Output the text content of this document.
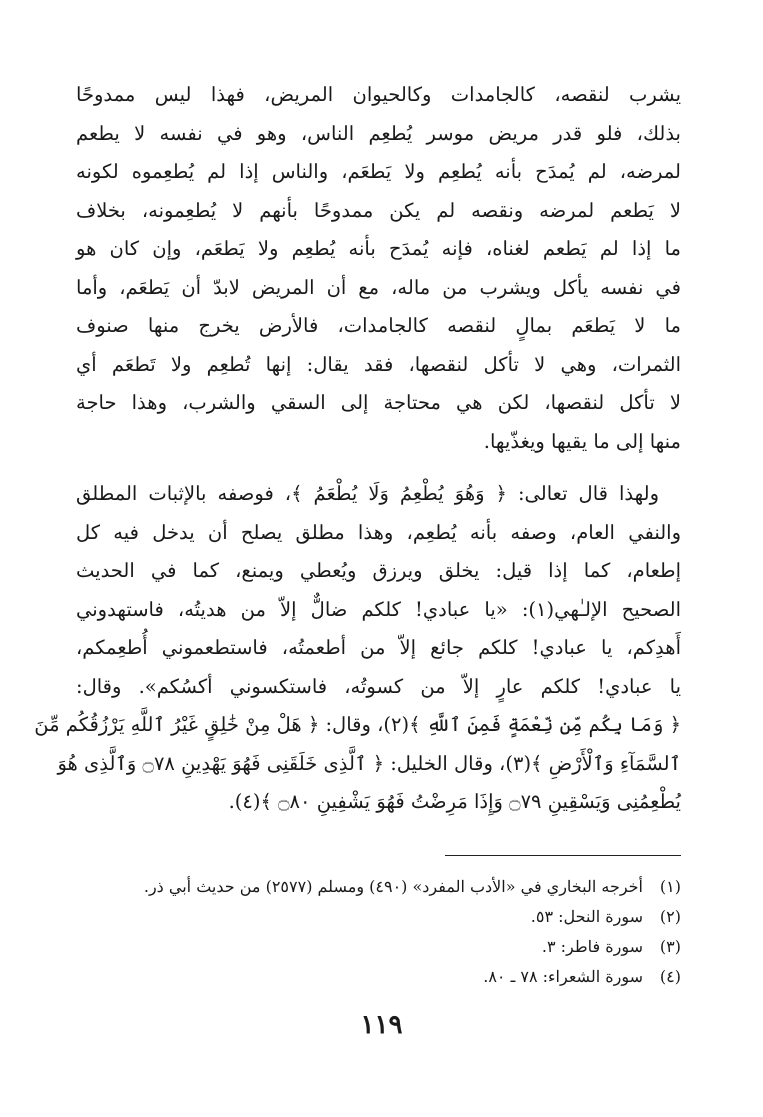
يشرب لنقصه، كالجامدات وكالحيوان المريض، فهذا ليس ممدوحًا
بذلك، فلو قدر مريض موسر يُطعِم الناس، وهو في نفسه لا يطعم
لمرضه، لم يُمدَح بأنه يُطعِم ولا يَطعَم، والناس إذا لم يُطعِموه لكونه
لا يَطعم لمرضه ونقصه لم يكن ممدوحًا بأنهم لا يُطعِمونه، بخلاف
ما إذا لم يَطعم لغناه، فإنه يُمدَح بأنه يُطعِم ولا يَطعَم، وإن كان هو
في نفسه يأكل ويشرب من ماله، مع أن المريض لابدّ أن يَطعَم، وأما
ما لا يَطعَم بمالٍ لنقصه كالجامدات، فالأرض يخرج منها صنوف
الثمرات، وهي لا تأكل لنقصها، فقد يقال: إنها تُطعِم ولا تَطعَم أي
لا تأكل لنقصها، لكن هي محتاجة إلى السقي والشرب، وهذا حاجة
منها إلى ما يقيها ويغذّيها.
ولهذا قال تعالى: ﴿ وَهُوَ يُطْعِمُ وَلَا يُطْعَمُ ﴾، فوصفه بالإثبات المطلق
والنفي العام، وصفه بأنه يُطعِم، وهذا مطلق يصلح أن يدخل فيه كل
إطعام، كما إذا قيل: يخلق ويرزق ويُعطي ويمنع، كما في الحديث
الصحيح الإلـٰهي(١): «يا عبادي! كلكم ضالٌّ إلاّ من هديتُه، فاستهدوني
أَهدِكم، يا عبادي! كلكم جائع إلاّ من أطعمتُه، فاستطعموني أُطعِمكم،
يا عبادي! كلكم عارٍ إلاّ من كسوتُه، فاستكسوني أكسُكم». وقال:
﴿ وَمَا بِكُم مِّن نِّعْمَةٍ فَمِنَ ٱللَّهِ ﴾(٢)، وقال: ﴿ هَلْ مِنْ خَٰلِقٍ غَيْرُ ٱللَّهِ يَرْزُقُكُم مِّنَ
ٱلسَّمَآءِ وَٱلْأَرْضِ ﴾(٣)، وقال الخليل: ﴿ ٱلَّذِى خَلَقَنِى فَهُوَ يَهْدِينِ ۝٧٨ وَٱلَّذِى هُوَ
يُطْعِمُنِى وَيَسْقِينِ ۝٧٩ وَإِذَا مَرِضْتُ فَهُوَ يَشْفِينِ ۝٨٠ ﴾(٤).
(١)
أخرجه البخاري في «الأدب المفرد» (٤٩٠) ومسلم (٢٥٧٧) من حديث أبي ذر.
(٢)
سورة النحل: ٥٣.
(٣)
سورة فاطر: ٣.
(٤)
سورة الشعراء: ٧٨ ـ ٨٠.
١١٩
